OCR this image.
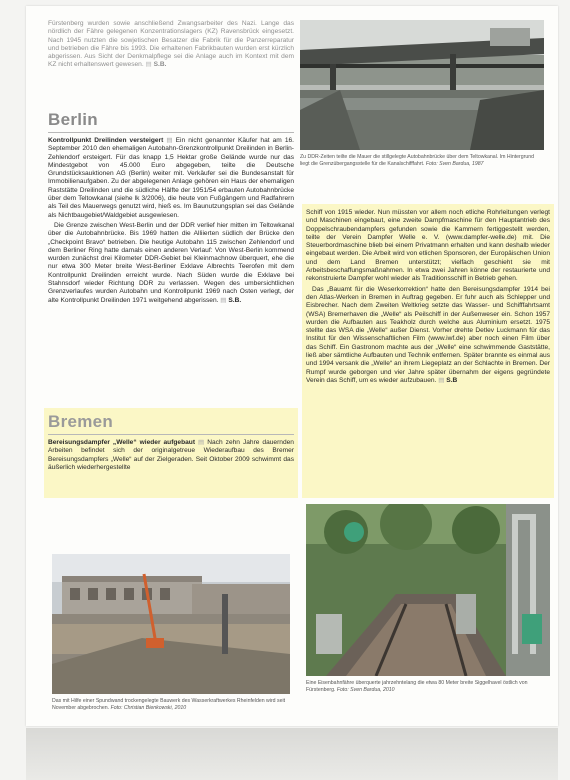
Fürstenberg wurden sowie anschließend Zwangsarbeiter des Nazi. Lange das nördlich der Fähre gelegenen Konzentrationslagers (KZ) Ravensbrück eingesetzt. Nach 1945 nutzten die sowjetischen Besatzer die Fabrik für die Panzerreparatur und betrieben die Fähre bis 1993. Die erhaltenen Fabrikbauten wurden erst kürzlich abgerissen. Aus Sicht der Denkmalpflege sei die Anlage auch im Kontext mit dem KZ nicht erhaltenswert gewesen. ▤ S.B.

Berlin

Kontrollpunkt Dreilinden versteigert ▤ Ein nicht genannter Käufer hat am 16. September 2010 den ehemaligen Autobahn-Grenzkontrollpunkt Dreilinden in Berlin-Zehlendorf ersteigert. Für das knapp 1,5 Hektar große Gelände wurde nur das Mindestgebot von 45.000 Euro abgegeben, teilte die Deutsche Grundstücksauktionen AG (Berlin) weiter mit. Verkäufer sei die Bundesanstalt für Immobilienaufgaben. Zu der abgelegenen Anlage gehören ein Haus der ehemaligen Raststätte Dreilinden und die südliche Hälfte der 1951/54 erbauten Autobahnbrücke über dem Teltowkanal (siehe lk 3/2006), die heute von Fußgängern und Radfahrern als Teil des Mauerwegs genutzt wird, hieß es. Im Baunutzungsplan sei das Gelände als Nichtbaugebiet/Waldgebiet ausgewiesen.

Die Grenze zwischen West-Berlin und der DDR verlief hier mitten im Teltowkanal über die Autobahnbrücke. Bis 1969 hatten die Alliierten südlich der Brücke den „Checkpoint Bravo“ betrieben. Die heutige Autobahn 115 zwischen Zehlendorf und dem Berliner Ring hatte damals einen anderen Verlauf: Von West-Berlin kommend wurden zunächst drei Kilometer DDR-Gebiet bei Kleinmachnow überquert, ehe die nur etwa 300 Meter breite West-Berliner Exklave Albrechts Teerofen mit dem Kontrollpunkt Dreilinden erreicht wurde. Nach Süden wurde die Exklave bei Stahnsdorf wieder Richtung DDR zu verlassen. Wegen des umbersichtlichen Grenzverlaufes wurden Autobahn und Kontrollpunkt 1969 nach Osten verlegt, der alte Kontrollpunkt Dreilinden 1971 weitgehend abgerissen. ▤ S.B.

Bremen

Bereisungsdampfer „Welle“ wieder aufgebaut ▤ Nach zehn Jahre dauernden Arbeiten befindet sich der originalgetreue Wiederaufbau des Bremer Bereisungsdampfers „Welle“ auf der Zielgeraden. Seit Oktober 2009 schwimmt das äußerlich wiederhergestellte

Schiff von 1915 wieder. Nun müssten vor allem noch etliche Rohrleitungen verlegt und Maschinen eingebaut, eine zweite Dampfmaschine für den Hauptantrieb des Doppelschraubendampfers gefunden sowie die Kammern fertiggestellt werden, teilte der Verein Dampfer Welle e. V. (www.dampfer-welle.de) mit. Die Steuerbordmaschine blieb bei einem Privatmann erhalten und kann deshalb wieder eingebaut werden. Die Arbeit wird von etlichen Sponsoren, der Europäischen Union und dem Land Bremen unterstützt; vielfach geschieht sie mit Arbeitsbeschaffungsmaßnahmen. In etwa zwei Jahren könne der restaurierte und rekonstruierte Dampfer wohl wieder als Traditionsschiff in Betrieb gehen.

Das „Bauamt für die Weserkorrektion“ hatte den Bereisungsdampfer 1914 bei den Atlas-Werken in Bremen in Auftrag gegeben. Er fuhr auch als Schlepper und Eisbrecher. Nach dem Zweiten Weltkrieg setzte das Wasser- und Schifffahrtsamt (WSA) Bremerhaven die „Welle“ als Peilschiff in der Außenweser ein. Schon 1957 wurden die Aufbauten aus Teakholz durch welche aus Aluminium ersetzt. 1975 stellte das WSA die „Welle“ außer Dienst. Vorher drehte Detlev Luckmann für das Institut für den Wissenschaftlichen Film (www.iwf.de) aber noch einen Film über das Schiff. Ein Gastronom machte aus der „Welle“ eine schwimmende Gaststätte, ließ aber sämtliche Aufbauten und Technik entfernen. Später brannte es einmal aus und 1994 versank die „Welle“ an ihrem Liegeplatz an der Schlachte in Bremen. Der Rumpf wurde geborgen und vier Jahre später übernahm der eigens gegründete Verein das Schiff, um es wieder aufzubauen. ▤ S.B

Zu DDR-Zeiten teilte die Mauer die stillgelegte Autobahnbrücke über dem Teltowkanal. Im Hintergrund liegt die Grenzübergangsstelle für die Kanalschifffahrt. Foto: Sven Bardua, 1987
Das mit Hilfe einer Spundwand trockengelegte Bauwerk des Wasserkraftwerkes Rheinfelden wird seit November abgebrochen. Foto: Christian Bienkowski, 2010
Eine Eisenbahnfähre überquerte jahrzehntelang die etwa 80 Meter breite Siggelhavel östlich von Fürstenberg. Foto: Sven Bardua, 2010
